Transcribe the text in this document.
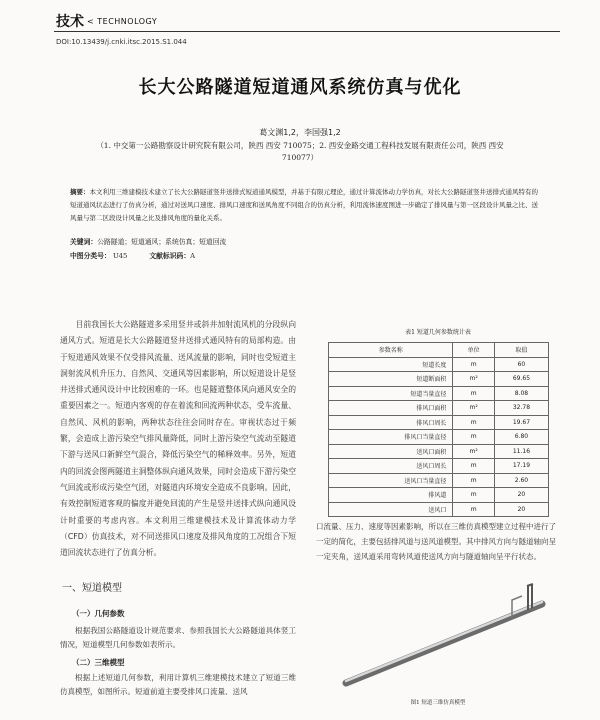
技术 $^{< TECHNOLOGY}$
DOI:10.13439/j.cnki.itsc.2015.S1.044
长大公路隧道短道通风系统仿真与优化
葛文渊1,2，李国强1,2
（1. 中交第一公路勘察设计研究院有限公司，陕西 西安 710075；2. 西安金路交通工程科技发展有限责任公司，陕西 西安 710077）
摘要：本文利用三维建模技术建立了长大公路隧道竖井送排式短道通风模型，并基于有限元理论，通过计算流体动力学仿真，对长大公路隧道竖井送排式通风特有的短道通风状态进行了仿真分析，通过对送风口速度、排风口速度和送风角度不同组合的仿真分析，利用流体速度图进一步确定了排风量与第一区段设计风量之比、送风量与第二区段设计风量之比及排风角度的量化关系。
关键词：公路隧道；短道通风；系统仿真；短道回流
中图分类号： U45	文献标识码：A
目前我国长大公路隧道多采用竖井或斜井加射流风机的分段纵向通风方式。短道是长大公路隧道竖井送排式通风特有的局部构造。由于短道通风效果不仅受排风流量、送风流量的影响，同时也受短道主洞射流风机升压力、自然风、交通风等因素影响，所以短道设计是竖井送排式通风设计中比较困难的一环。也是隧道整体风向通风安全的重要因素之一。短道内客观的存在着流和回流两种状态，受车流量、自然风、风机的影响，两种状态往往会同时存在。审视状态过于频繁，会造成上游污染空气排风量降低，同时上游污染空气流动至隧道下游与送风口新鲜空气混合，降低污染空气的稀释效率。另外，短道内的回流会图两隧道主洞整体纵向通风效果，同时会造成下游污染空气回流或形成污染空气团，对隧道内环境安全造成不良影响。因此，有效控制短道客观的偏度并避免回流的产生是竖井送排式纵向通风设计时重要的考虑内容。本文利用三维建模技术及计算流体动力学（CFD）仿真技术，对不同送排风口速度及排风角度的工况组合下短道回流状态进行了仿真分析。
一、短道模型
（一）几何参数
根据我国公路隧道设计规范要求、参照我国长大公路隧道具体竖工情况，短道模型几何参数如表所示。
（二）三维模型
根据上述短道几何参数，利用计算机三维建模技术建立了短道三维仿真模型，如图所示。短道前道主要受排风口流量、送风
表1 短道几何参数统计表
参数名称	单位	取值
短道长度	m	60
短道断面积	m²	69.65
短道当量直径	m	8.08
排风口面积	m²	32.78
排风口周长	m	19.67
排风口当量直径	m	6.80
送风口面积	m²	11.16
送风口周长	m	17.19
送风口当量直径	m	2.60
排风道	m	20
送风口	m	20
口流量、压力、速度等因素影响，所以在三维仿真模型建立过程中进行了一定的简化，主要包括排风道与送风道模型。其中排风方向与隧道轴向呈一定夹角，送风道采用弯转风道使送风方向与隧道轴向呈平行状态。
图1 短道三维仿真模型
